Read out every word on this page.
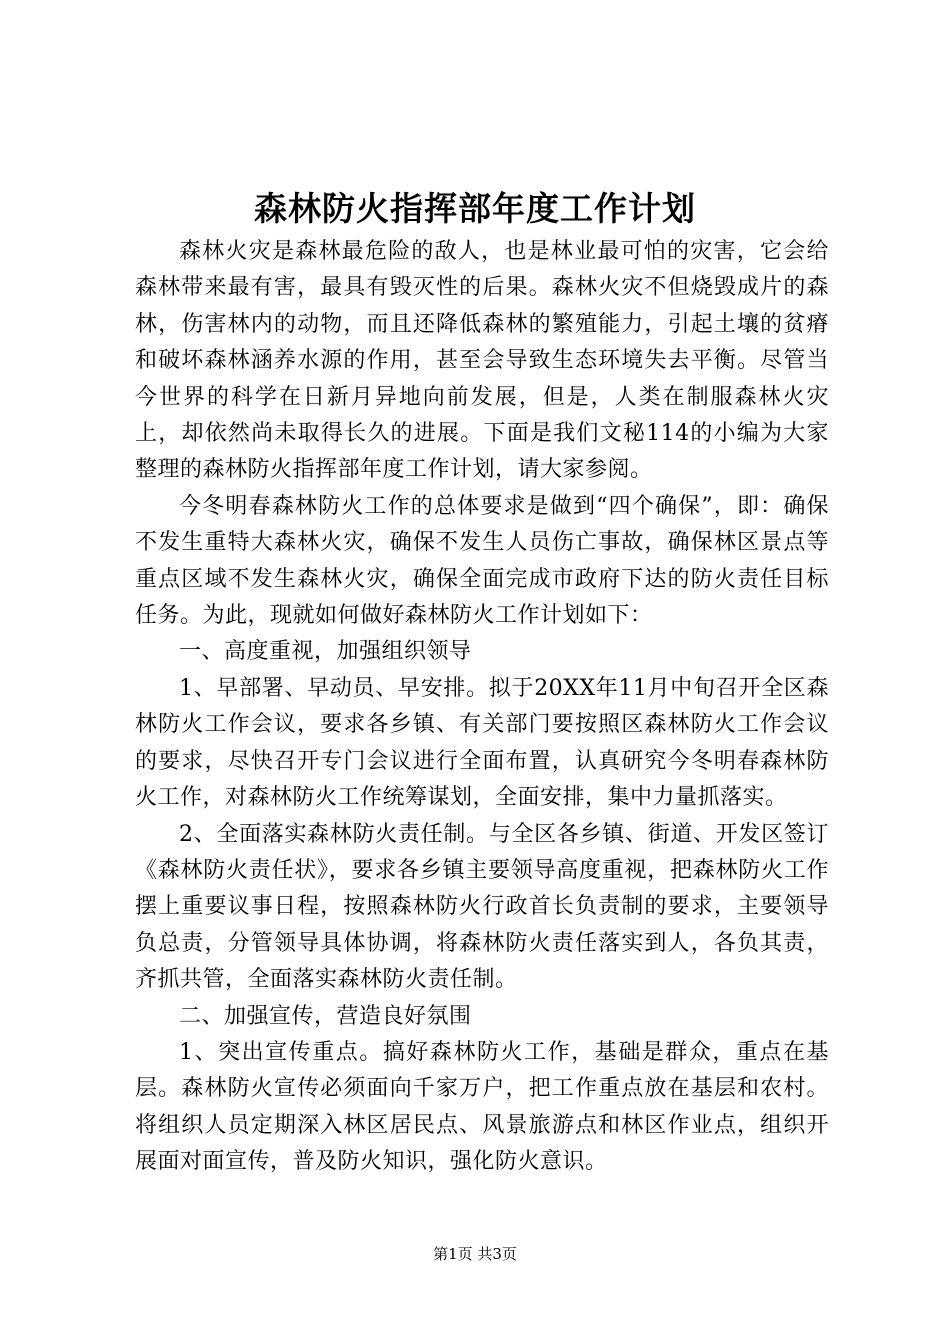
森林防火指挥部年度工作计划

森林火灾是森林最危险的敌人，也是林业最可怕的灾害，它会给森林带来最有害，最具有毁灭性的后果。森林火灾不但烧毁成片的森林，伤害林内的动物，而且还降低森林的繁殖能力，引起土壤的贫瘠和破坏森林涵养水源的作用，甚至会导致生态环境失去平衡。尽管当今世界的科学在日新月异地向前发展，但是，人类在制服森林火灾上，却依然尚未取得长久的进展。下面是我们文秘114的小编为大家整理的森林防火指挥部年度工作计划，请大家参阅。

今冬明春森林防火工作的总体要求是做到“四个确保”，即：确保不发生重特大森林火灾，确保不发生人员伤亡事故，确保林区景点等重点区域不发生森林火灾，确保全面完成市政府下达的防火责任目标任务。为此，现就如何做好森林防火工作计划如下：

一、高度重视，加强组织领导

1、早部署、早动员、早安排。拟于20XX年11月中旬召开全区森林防火工作会议，要求各乡镇、有关部门要按照区森林防火工作会议的要求，尽快召开专门会议进行全面布置，认真研究今冬明春森林防火工作，对森林防火工作统筹谋划，全面安排，集中力量抓落实。

2、全面落实森林防火责任制。与全区各乡镇、街道、开发区签订《森林防火责任状》，要求各乡镇主要领导高度重视，把森林防火工作摆上重要议事日程，按照森林防火行政首长负责制的要求，主要领导负总责，分管领导具体协调，将森林防火责任落实到人，各负其责，齐抓共管，全面落实森林防火责任制。

二、加强宣传，营造良好氛围

1、突出宣传重点。搞好森林防火工作，基础是群众，重点在基层。森林防火宣传必须面向千家万户，把工作重点放在基层和农村。将组织人员定期深入林区居民点、风景旅游点和林区作业点，组织开展面对面宣传，普及防火知识，强化防火意识。

第1页 共3页
